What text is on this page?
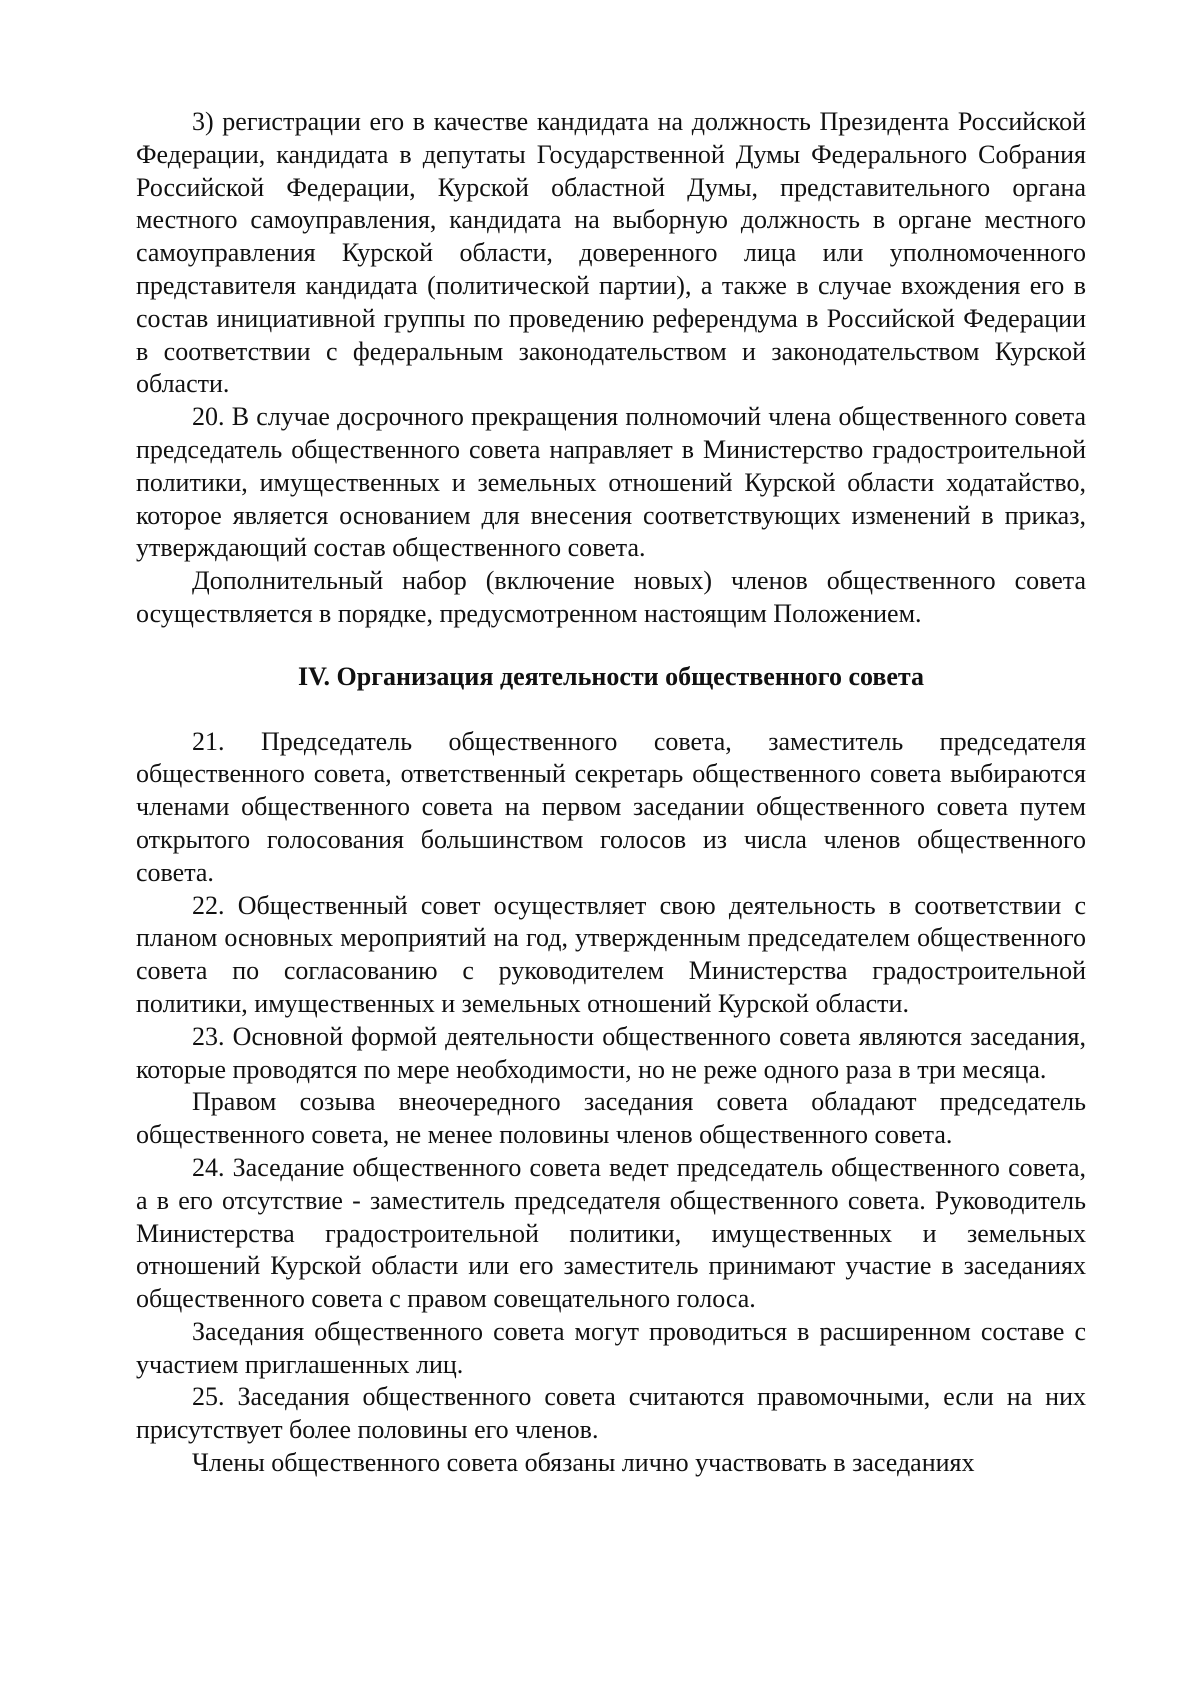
3) регистрации его в качестве кандидата на должность Президента Российской Федерации, кандидата в депутаты Государственной Думы Федерального Собрания Российской Федерации, Курской областной Думы, представительного органа местного самоуправления, кандидата на выборную должность в органе местного самоуправления Курской области, доверенного лица или уполномоченного представителя кандидата (политической партии), а также в случае вхождения его в состав инициативной группы по проведению референдума в Российской Федерации в соответствии с федеральным законодательством и законодательством Курской области.

20. В случае досрочного прекращения полномочий члена общественного совета председатель общественного совета направляет в Министерство градостроительной политики, имущественных и земельных отношений Курской области ходатайство, которое является основанием для внесения соответствующих изменений в приказ, утверждающий состав общественного совета.

Дополнительный набор (включение новых) членов общественного совета осуществляется в порядке, предусмотренном настоящим Положением.

IV. Организация деятельности общественного совета

21. Председатель общественного совета, заместитель председателя общественного совета, ответственный секретарь общественного совета выбираются членами общественного совета на первом заседании общественного совета путем открытого голосования большинством голосов из числа членов общественного совета.

22. Общественный совет осуществляет свою деятельность в соответствии с планом основных мероприятий на год, утвержденным председателем общественного совета по согласованию с руководителем Министерства градостроительной политики, имущественных и земельных отношений Курской области.

23. Основной формой деятельности общественного совета являются заседания, которые проводятся по мере необходимости, но не реже одного раза в три месяца.

Правом созыва внеочередного заседания совета обладают председатель общественного совета, не менее половины членов общественного совета.

24. Заседание общественного совета ведет председатель общественного совета, а в его отсутствие - заместитель председателя общественного совета. Руководитель Министерства градостроительной политики, имущественных и земельных отношений Курской области или его заместитель принимают участие в заседаниях общественного совета с правом совещательного голоса.

Заседания общественного совета могут проводиться в расширенном составе с участием приглашенных лиц.

25. Заседания общественного совета считаются правомочными, если на них присутствует более половины его членов.

Члены общественного совета обязаны лично участвовать в заседаниях
